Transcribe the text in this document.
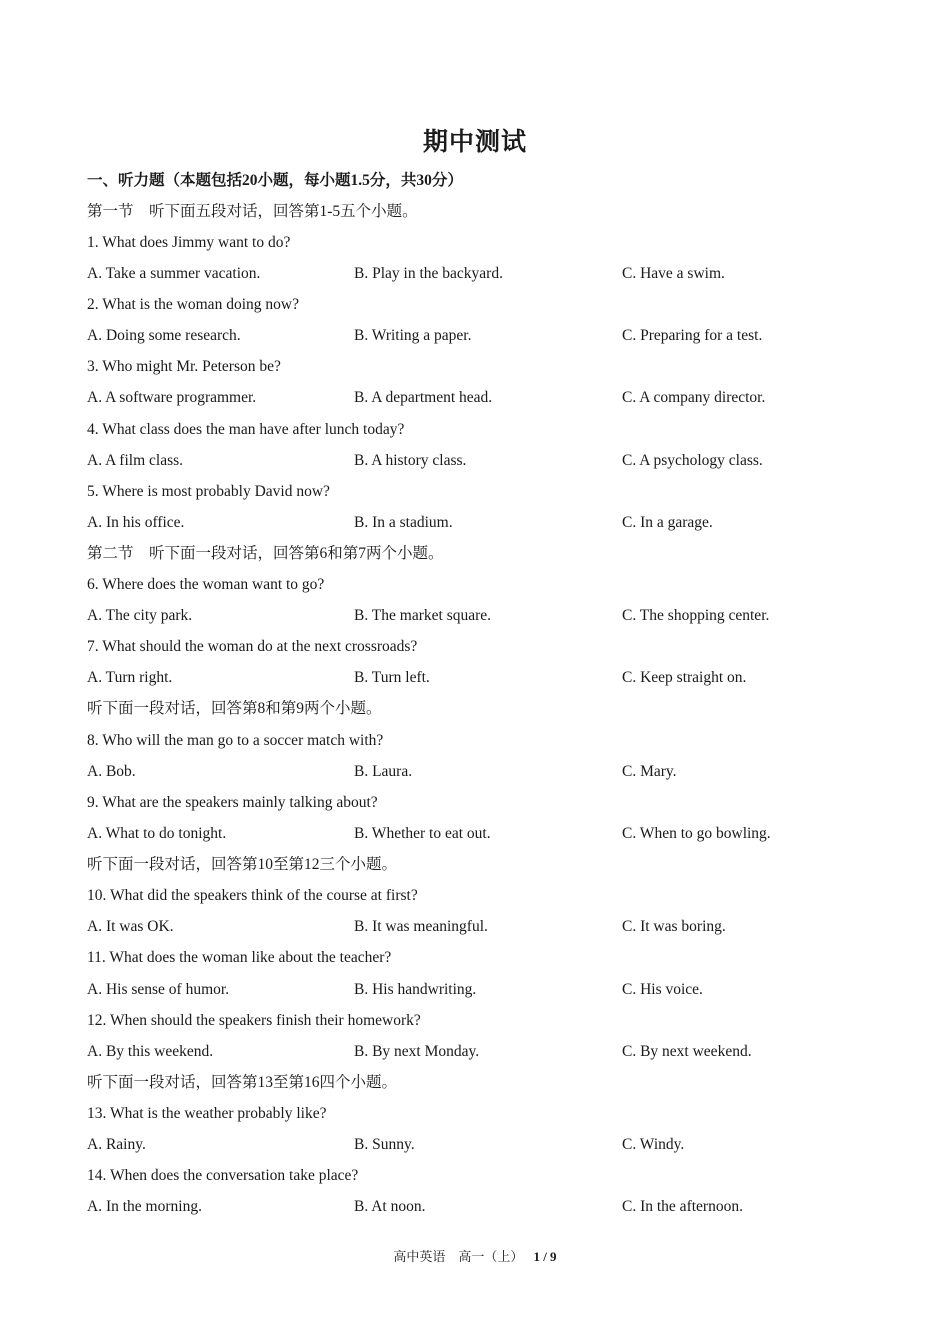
期中测试
一、听力题（本题包括20小题，每小题1.5分，共30分）
第一节　听下面五段对话，回答第1-5五个小题。
1. What does Jimmy want to do?
A. Take a summer vacation.	B. Play in the backyard.	C. Have a swim.
2. What is the woman doing now?
A. Doing some research.	B. Writing a paper.	C. Preparing for a test.
3. Who might Mr. Peterson be?
A. A software programmer.	B. A department head.	C. A company director.
4. What class does the man have after lunch today?
A. A film class.	B. A history class.	C. A psychology class.
5. Where is most probably David now?
A. In his office.	B. In a stadium.	C. In a garage.
第二节　听下面一段对话，回答第6和第7两个小题。
6. Where does the woman want to go?
A. The city park.	B. The market square.	C. The shopping center.
7. What should the woman do at the next crossroads?
A. Turn right.	B. Turn left.	C. Keep straight on.
听下面一段对话，回答第8和第9两个小题。
8. Who will the man go to a soccer match with?
A. Bob.	B. Laura.	C. Mary.
9. What are the speakers mainly talking about?
A. What to do tonight.	B. Whether to eat out.	C. When to go bowling.
听下面一段对话，回答第10至第12三个小题。
10. What did the speakers think of the course at first?
A. It was OK.	B. It was meaningful.	C. It was boring.
11. What does the woman like about the teacher?
A. His sense of humor.	B. His handwriting.	C. His voice.
12. When should the speakers finish their homework?
A. By this weekend.	B. By next Monday.	C. By next weekend.
听下面一段对话，回答第13至第16四个小题。
13. What is the weather probably like?
A. Rainy.	B. Sunny.	C. Windy.
14. When does the conversation take place?
A. In the morning.	B. At noon.	C. In the afternoon.
高中英语　高一（上） 1 / 9
